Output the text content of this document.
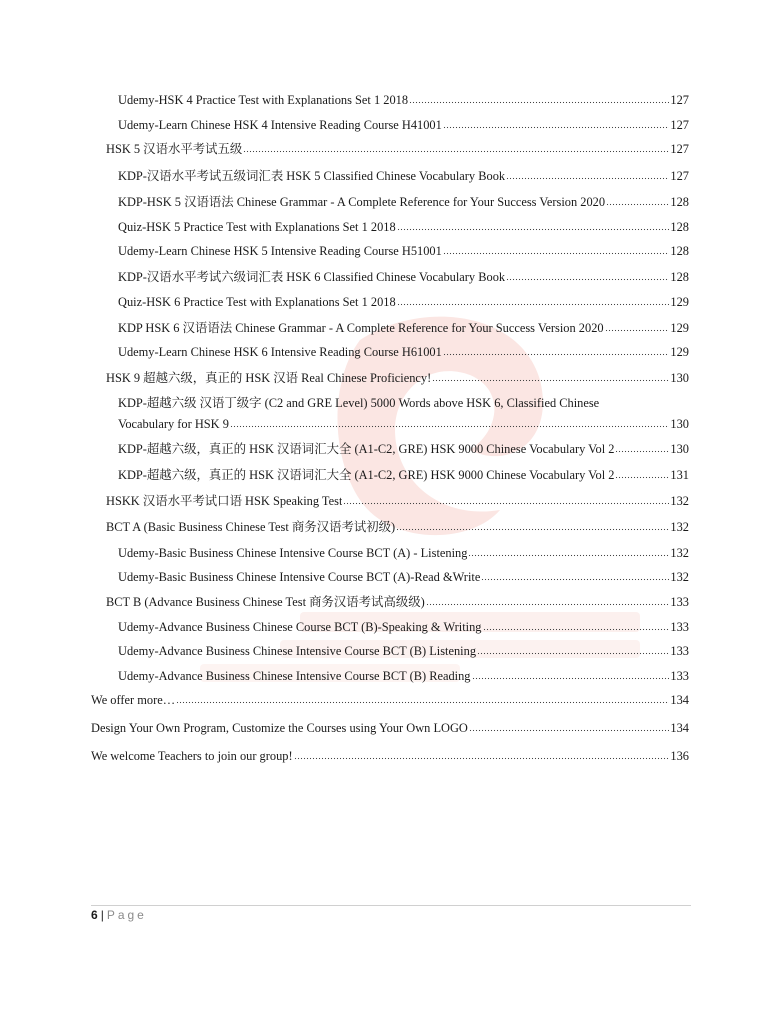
Udemy-HSK 4 Practice Test with Explanations Set 1 2018	127
Udemy-Learn Chinese HSK 4 Intensive Reading Course H41001	127
HSK 5 汉语水平考试五级	127
KDP-汉语水平考试五级词汇表 HSK 5 Classified Chinese Vocabulary Book	127
KDP-HSK 5 汉语语法 Chinese Grammar - A Complete Reference for Your Success Version 2020	128
Quiz-HSK 5 Practice Test with Explanations Set 1 2018	128
Udemy-Learn Chinese HSK 5 Intensive Reading Course H51001	128
KDP-汉语水平考试六级词汇表 HSK 6 Classified Chinese Vocabulary Book	128
Quiz-HSK 6 Practice Test with Explanations Set 1 2018	129
KDP HSK 6 汉语语法 Chinese Grammar - A Complete Reference for Your Success Version 2020	129
Udemy-Learn Chinese HSK 6 Intensive Reading Course H61001	129
HSK 9 超越六级，真正的 HSK 汉语 Real Chinese Proficiency!	130
KDP-超越六级 汉语丁级字 (C2 and GRE Level) 5000 Words above HSK 6, Classified Chinese
Vocabulary for HSK 9	130
KDP-超越六级，真正的 HSK 汉语词汇大全 (A1-C2, GRE) HSK 9000 Chinese Vocabulary Vol 2	130
KDP-超越六级，真正的 HSK 汉语词汇大全 (A1-C2, GRE) HSK 9000 Chinese Vocabulary Vol 2	131
HSKK 汉语水平考试口语 HSK Speaking Test	132
BCT A (Basic Business Chinese Test 商务汉语考试初级)	132
Udemy-Basic Business Chinese Intensive Course BCT (A) - Listening	132
Udemy-Basic Business Chinese Intensive Course BCT (A)-Read &Write	132
BCT B (Advance Business Chinese Test 商务汉语考试高级级)	133
Udemy-Advance Business Chinese Course BCT (B)-Speaking & Writing	133
Udemy-Advance Business Chinese Intensive Course BCT (B) Listening	133
Udemy-Advance Business Chinese Intensive Course BCT (B) Reading	133
We offer more…	134
Design Your Own Program, Customize the Courses using Your Own LOGO	134
We welcome Teachers to join our group!	136
6 | Page
